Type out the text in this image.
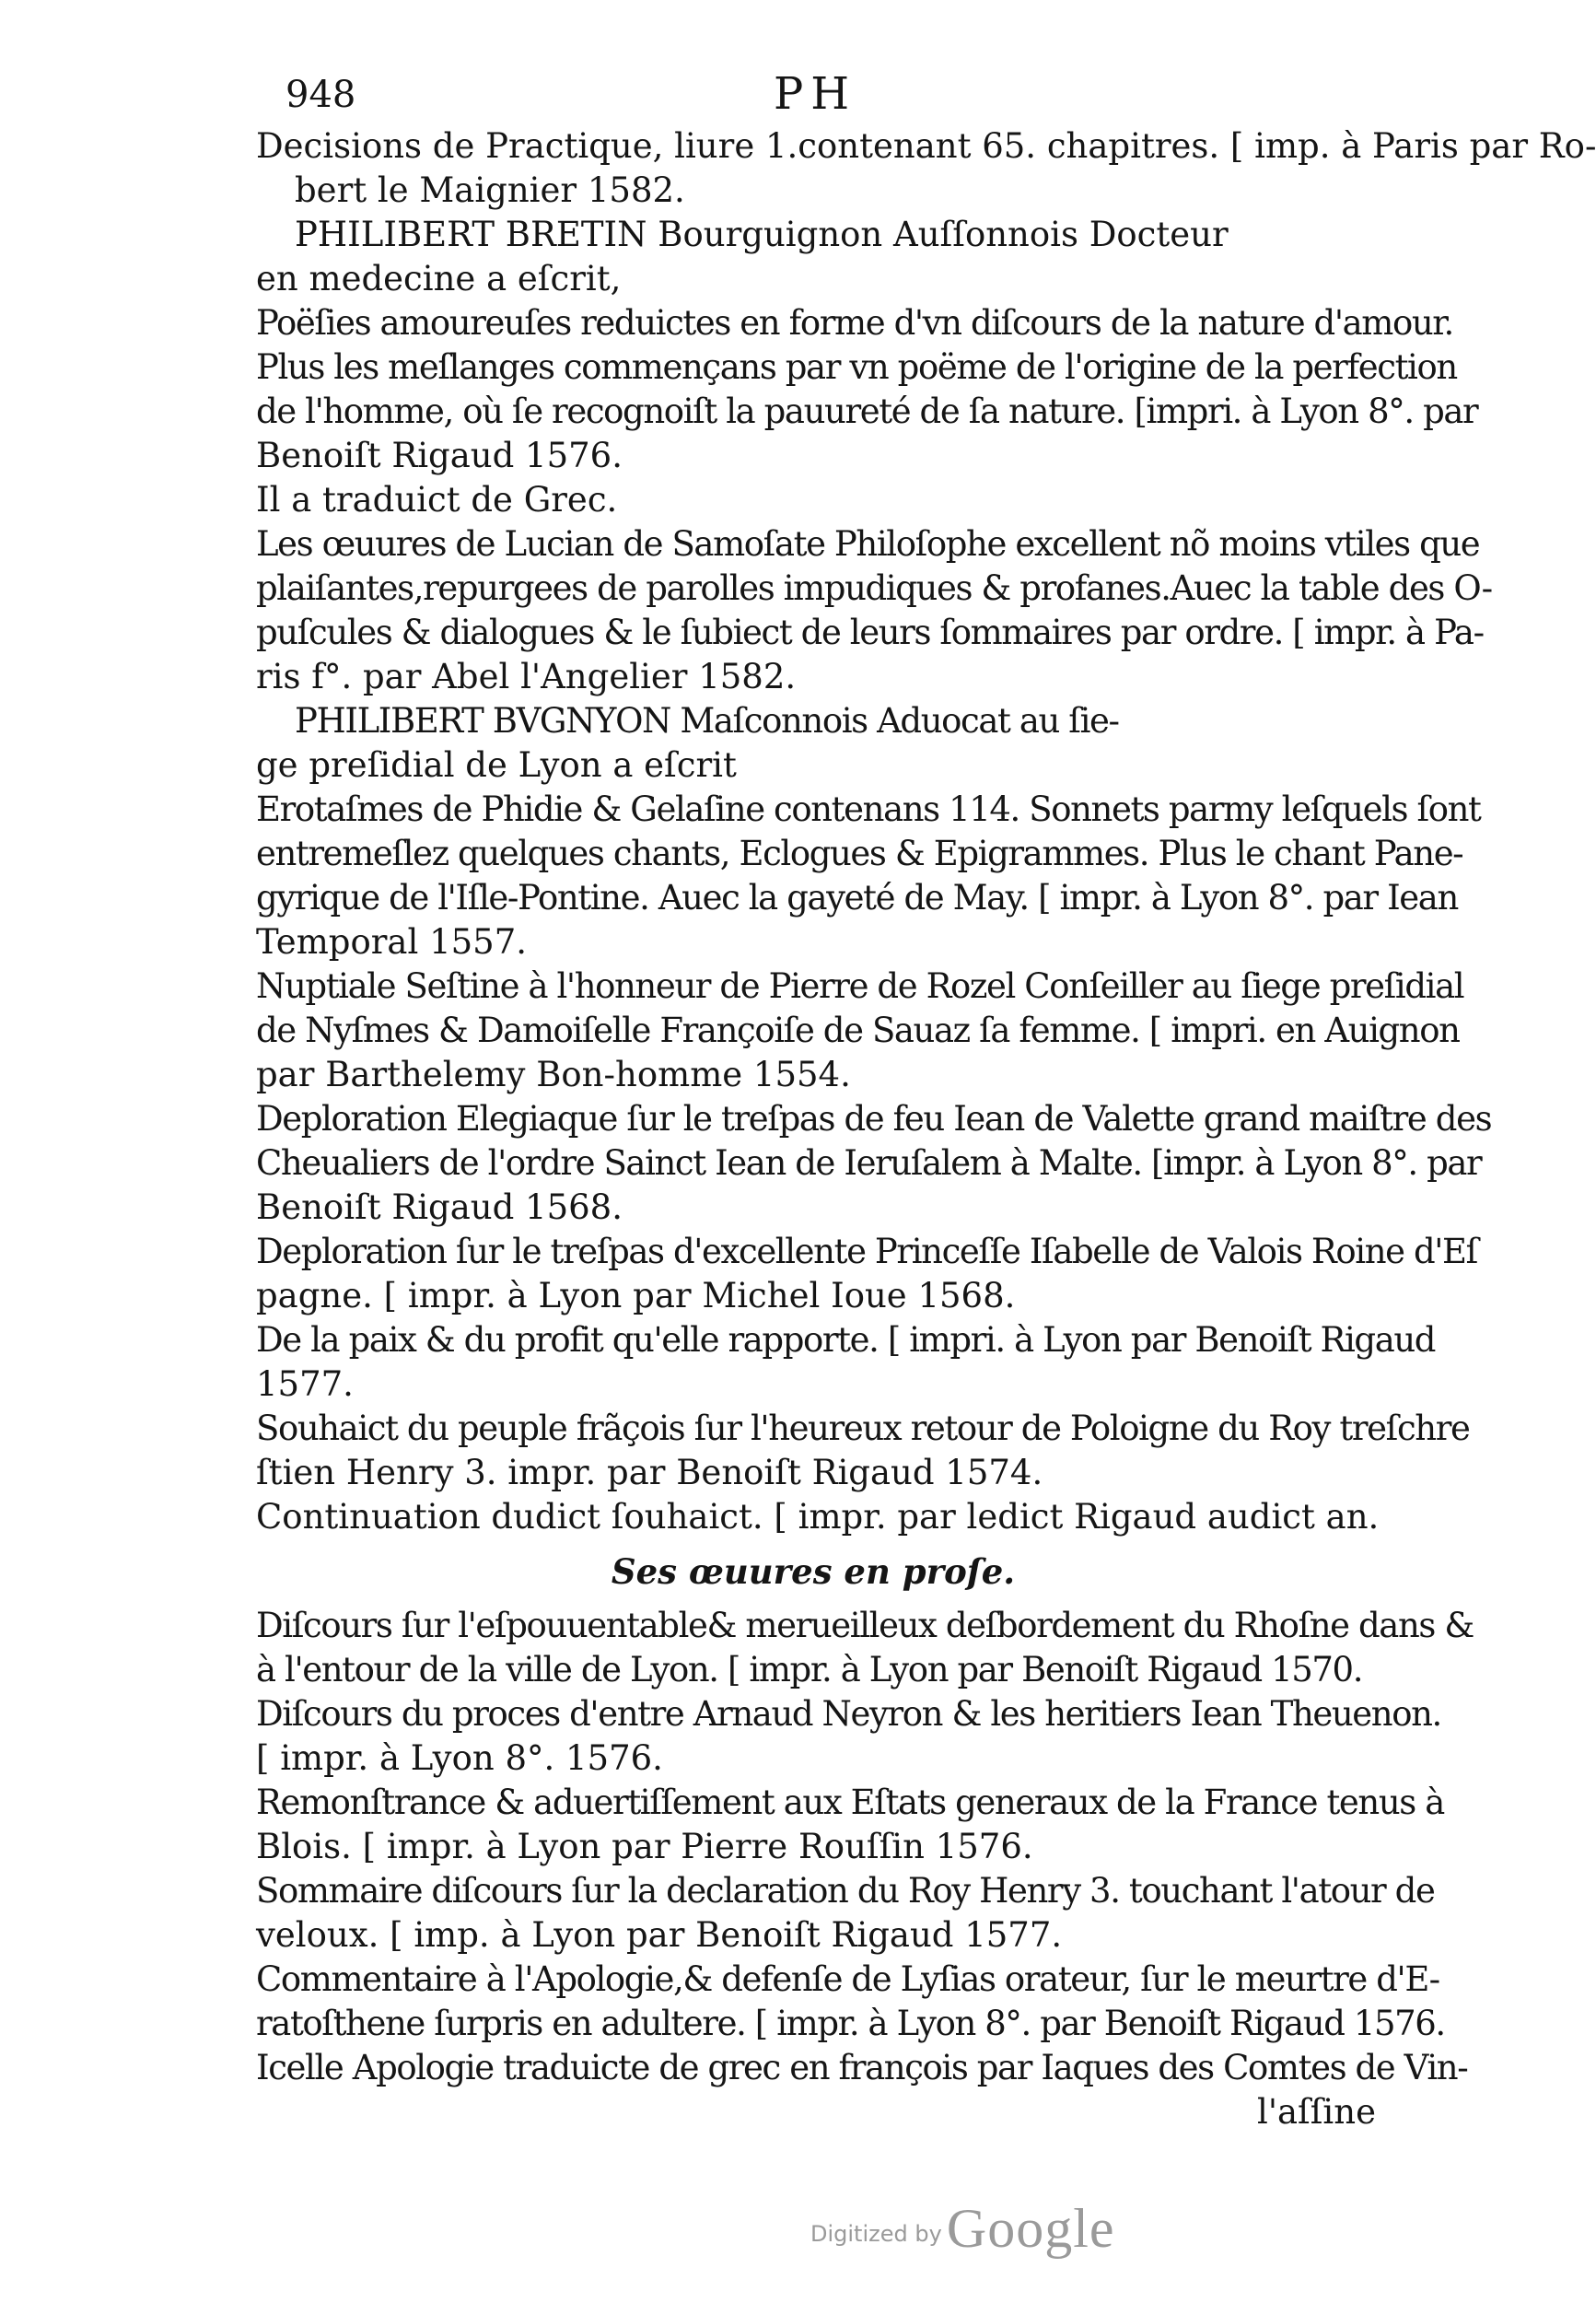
948	PH
Decisions de Practique, liure 1.contenant 65. chapitres. [ imp. à Paris par Ro-
bert le Maignier 1582.
PHILIBERT BRETIN Bourguignon Auſſonnois Docteur
en medecine a eſcrit,
Poëſies amoureuſes reduictes en forme d'vn diſcours de la nature d'amour.
Plus les meſlanges commençans par vn poëme de l'origine de la perfection
de l'homme, où ſe recognoiſt la pauureté de ſa nature. [impri. à Lyon 8°. par
Benoiſt Rigaud 1576.
Il a traduict de Grec.
Les œuures de Lucian de Samoſate Philoſophe excellent nõ moins vtiles que
plaiſantes,repurgees de parolles impudiques & profanes.Auec la table des O-
puſcules & dialogues & le ſubiect de leurs ſommaires par ordre. [ impr. à Pa-
ris f°. par Abel l'Angelier 1582.
PHILIBERT BVGNYON Maſconnois Aduocat au ſie-
ge preſidial de Lyon a eſcrit
Erotaſmes de Phidie & Gelaſine contenans 114. Sonnets parmy leſquels ſont
entremeſlez quelques chants, Eclogues & Epigrammes. Plus le chant Pane-
gyrique de l'Iſle-Pontine. Auec la gayeté de May. [ impr. à Lyon 8°. par Iean
Temporal 1557.
Nuptiale Seſtine à l'honneur de Pierre de Rozel Conſeiller au ſiege preſidial
de Nyſmes & Damoiſelle Françoiſe de Sauaz ſa femme. [ impri. en Auignon
par Barthelemy Bon-homme 1554.
Deploration Elegiaque ſur le treſpas de feu Iean de Valette grand maiſtre des
Cheualiers de l'ordre Sainct Iean de Ieruſalem à Malte. [impr. à Lyon 8°. par
Benoiſt Rigaud 1568.
Deploration ſur le treſpas d'excellente Princeſſe Iſabelle de Valois Roine d'Eſ
pagne. [ impr. à Lyon par Michel Ioue 1568.
De la paix & du profit qu'elle rapporte. [ impri. à Lyon par Benoiſt Rigaud
1577.
Souhaict du peuple frãçois ſur l'heureux retour de Poloigne du Roy treſchre
ſtien Henry 3. impr. par Benoiſt Rigaud 1574.
Continuation dudict ſouhaict. [ impr. par ledict Rigaud audict an.
Ses œuures en proſe.
Diſcours ſur l'eſpouuentable& merueilleux deſbordement du Rhoſne dans &
à l'entour de la ville de Lyon. [ impr. à Lyon par Benoiſt Rigaud 1570.
Diſcours du proces d'entre Arnaud Neyron & les heritiers Iean Theuenon.
[ impr. à Lyon 8°. 1576.
Remonſtrance & aduertiſſement aux Eſtats generaux de la France tenus à
Blois. [ impr. à Lyon par Pierre Rouſſin 1576.
Sommaire diſcours ſur la declaration du Roy Henry 3. touchant l'atour de
veloux. [ imp. à Lyon par Benoiſt Rigaud 1577.
Commentaire à l'Apologie,& defenſe de Lyſias orateur, ſur le meurtre d'E-
ratoſthene ſurpris en adultere. [ impr. à Lyon 8°. par Benoiſt Rigaud 1576.
Icelle Apologie traduicte de grec en françois par Iaques des Comtes de Vin-
l'aſſine
Digitized by Google
